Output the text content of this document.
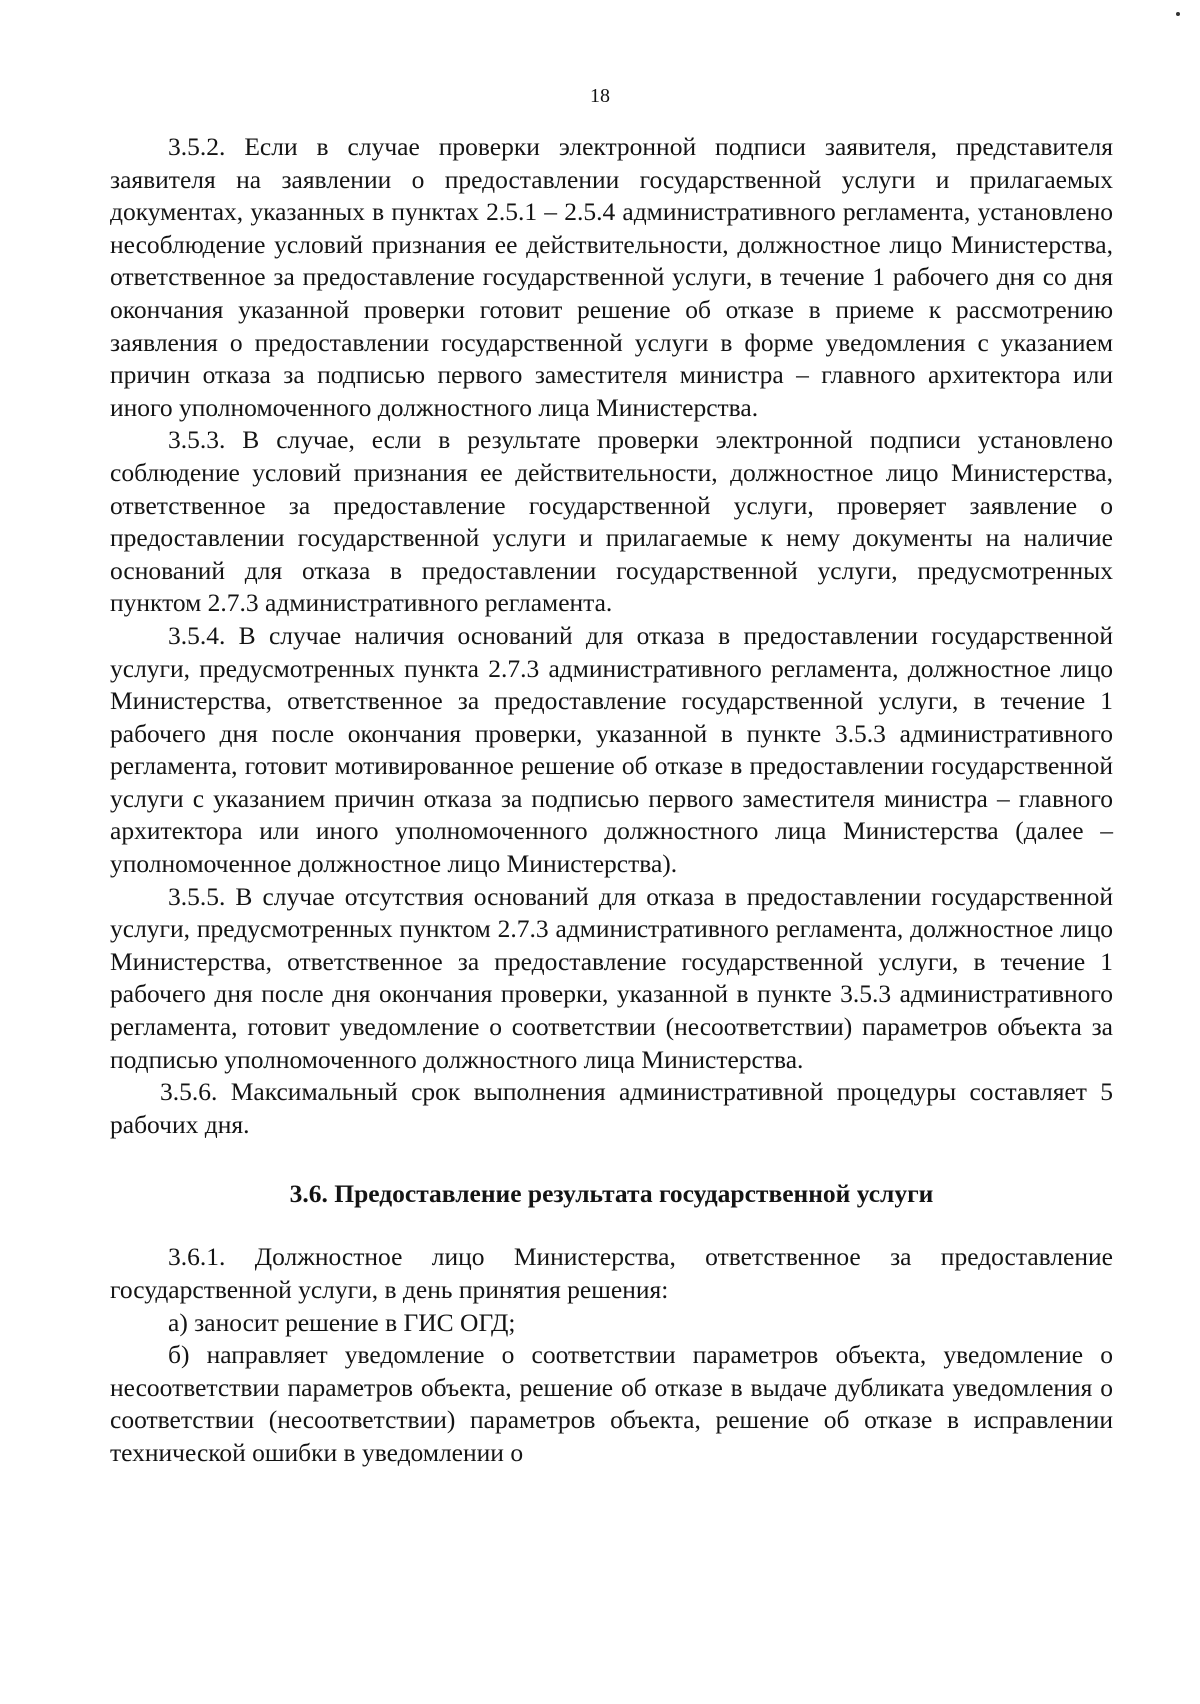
18

3.5.2. Если в случае проверки электронной подписи заявителя, представителя заявителя на заявлении о предоставлении государственной услуги и прилагаемых документах, указанных в пунктах 2.5.1 – 2.5.4 административного регламента, установлено несоблюдение условий признания ее действительности, должностное лицо Министерства, ответственное за предоставление государственной услуги, в течение 1 рабочего дня со дня окончания указанной проверки готовит решение об отказе в приеме к рассмотрению заявления о предоставлении государственной услуги в форме уведомления с указанием причин отказа за подписью первого заместителя министра – главного архитектора или иного уполномоченного должностного лица Министерства.

3.5.3. В случае, если в результате проверки электронной подписи установлено соблюдение условий признания ее действительности, должностное лицо Министерства, ответственное за предоставление государственной услуги, проверяет заявление о предоставлении государственной услуги и прилагаемые к нему документы на наличие оснований для отказа в предоставлении государственной услуги, предусмотренных пунктом 2.7.3 административного регламента.

3.5.4. В случае наличия оснований для отказа в предоставлении государственной услуги, предусмотренных пункта 2.7.3 административного регламента, должностное лицо Министерства, ответственное за предоставление государственной услуги, в течение 1 рабочего дня после окончания проверки, указанной в пункте 3.5.3 административного регламента, готовит мотивированное решение об отказе в предоставлении государственной услуги с указанием причин отказа за подписью первого заместителя министра – главного архитектора или иного уполномоченного должностного лица Министерства (далее – уполномоченное должностное лицо Министерства).

3.5.5. В случае отсутствия оснований для отказа в предоставлении государственной услуги, предусмотренных пунктом 2.7.3 административного регламента, должностное лицо Министерства, ответственное за предоставление государственной услуги, в течение 1 рабочего дня после дня окончания проверки, указанной в пункте 3.5.3 административного регламента, готовит уведомление о соответствии (несоответствии) параметров объекта за подписью уполномоченного должностного лица Министерства.

3.5.6. Максимальный срок выполнения административной процедуры составляет 5 рабочих дня.

3.6. Предоставление результата государственной услуги

3.6.1. Должностное лицо Министерства, ответственное за предоставление государственной услуги, в день принятия решения:

а) заносит решение в ГИС ОГД;

б) направляет уведомление о соответствии параметров объекта, уведомление о несоответствии параметров объекта, решение об отказе в выдаче дубликата уведомления о соответствии (несоответствии) параметров объекта, решение об отказе в исправлении технической ошибки в уведомлении о
